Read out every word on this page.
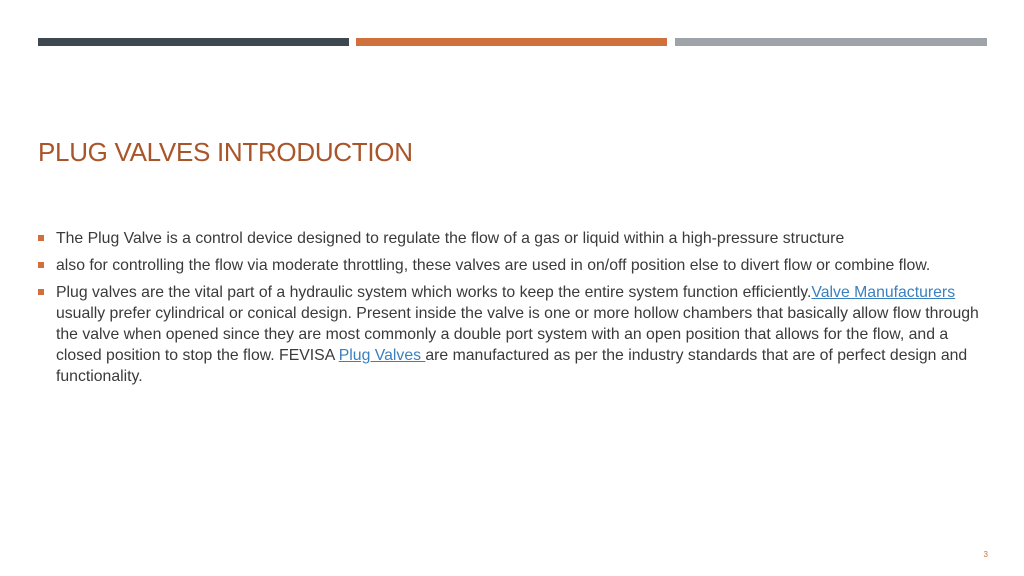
PLUG VALVES INTRODUCTION

The Plug Valve is a control device designed to regulate the flow of a gas or liquid within a high-pressure structure

also for controlling the flow via moderate throttling, these valves are used in on/off position else to divert flow or combine flow.

Plug valves are the vital part of a hydraulic system which works to keep the entire system function efficiently.Valve Manufacturers usually prefer cylindrical or conical design. Present inside the valve is one or more hollow chambers that basically allow flow through the valve when opened since they are most commonly a double port system with an open position that allows for the flow, and a closed position to stop the flow. FEVISA Plug Valves are manufactured as per the industry standards that are of perfect design and functionality.

3
